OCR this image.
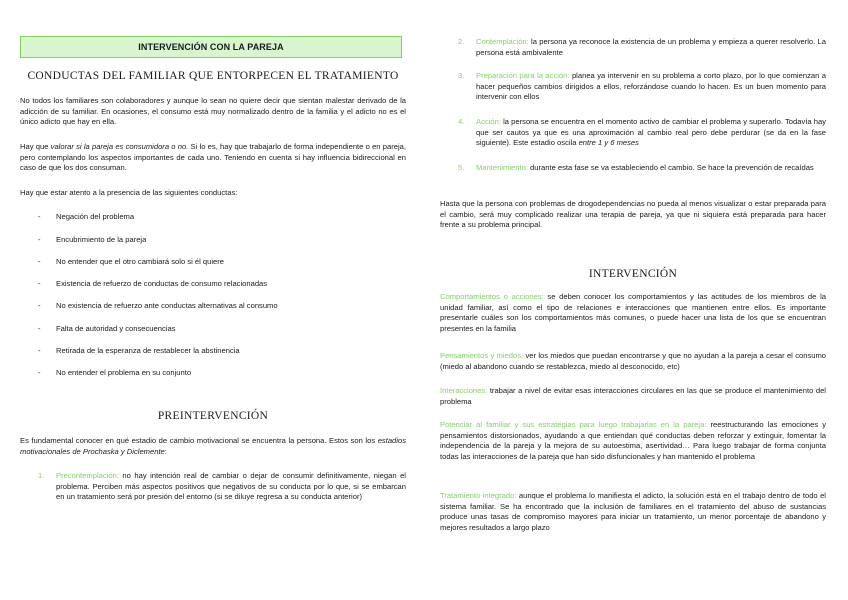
INTERVENCIÓN CON LA PAREJA
CONDUCTAS DEL FAMILIAR QUE ENTORPECEN EL TRATAMIENTO
No todos los familiares son colaboradores y aunque lo sean no quiere decir que sientan malestar derivado de la adicción de su familiar. En ocasiones, el consumo está muy normalizado dentro de la familia y el adicto no es el único adicto que hay en ella.
Hay que valorar si la pareja es consumidora o no. Si lo es, hay que trabajarlo de forma independiente o en pareja, pero contemplando los aspectos importantes de cada uno. Teniendo en cuenta si hay influencia bidireccional en caso de que los dos consuman.
Hay que estar atento a la presencia de las siguientes conductas:
- Negación del problema
- Encubrimiento de la pareja
- No entender que el otro cambiará solo si él quiere
- Existencia de refuerzo de conductas de consumo relacionadas
- No existencia de refuerzo ante conductas alternativas al consumo
- Falta de autoridad y consecuencias
- Retirada de la esperanza de restablecer la abstinencia
- No entender el problema en su conjunto
PREINTERVENCIÓN
Es fundamental conocer en qué estadio de cambio motivacional se encuentra la persona. Estos son los estadios motivacionales de Prochaska y Diclemente:
1. Precontemplación: no hay intención real de cambiar o dejar de consumir definitivamente, niegan el problema. Perciben más aspectos positivos que negativos de su conducta por lo que, si se embarcan en un tratamiento será por presión del entorno (si se diluye regresa a su conducta anterior)
2. Contemplación: la persona ya reconoce la existencia de un problema y empieza a querer resolverlo. La persona está ambivalente
3. Preparación para la acción: planea ya intervenir en su problema a corto plazo, por lo que comienzan a hacer pequeños cambios dirigidos a ellos, reforzándose cuando lo hacen. Es un buen momento para intervenir con ellos
4. Acción: la persona se encuentra en el momento activo de cambiar el problema y superarlo. Todavía hay que ser cautos ya que es una aproximación al cambio real pero debe perdurar (se da en la fase siguiente). Este estadio oscila entre 1 y 6 meses
5. Mantenimiento: durante esta fase se va estableciendo el cambio. Se hace la prevención de recaídas
Hasta que la persona con problemas de drogodependencias no pueda al menos visualizar o estar preparada para el cambio, será muy complicado realizar una terapia de pareja, ya que ni siquiera está preparada para hacer frente a su problema principal.
INTERVENCIÓN
Comportamientos o acciones: se deben conocer los comportamientos y las actitudes de los miembros de la unidad familiar, así como el tipo de relaciones e interacciones que mantienen entre ellos. Es importante presentarle cuáles son los comportamientos más comunes, o puede hacer una lista de los que se encuentran presentes en la familia
Pensamientos y miedos: ver los miedos que puedan encontrarse y que no ayudan a la pareja a cesar el consumo (miedo al abandono cuando se restablezca, miedo al desconocido, etc)
Interacciones: trabajar a nivel de evitar esas interacciones circulares en las que se produce el mantenimiento del problema
Potenciar al familiar y sus estrategias para luego trabajarlas en la pareja: reestructurando las emociones y pensamientos distorsionados, ayudando a que entiendan qué conductas deben reforzar y extinguir, fomentar la independencia de la pareja y la mejora de su autoestima, asertividad… Para luego trabajar de forma conjunta todas las interacciones de la pareja que han sido disfuncionales y han mantenido el problema
Tratamiento integrado: aunque el problema lo manifiesta el adicto, la solución está en el trabajo dentro de todo el sistema familiar. Se ha encontrado que la inclusión de familiares en el tratamiento del abuso de sustancias produce unas tasas de compromiso mayores para iniciar un tratamiento, un menor porcentaje de abandono y mejores resultados a largo plazo
